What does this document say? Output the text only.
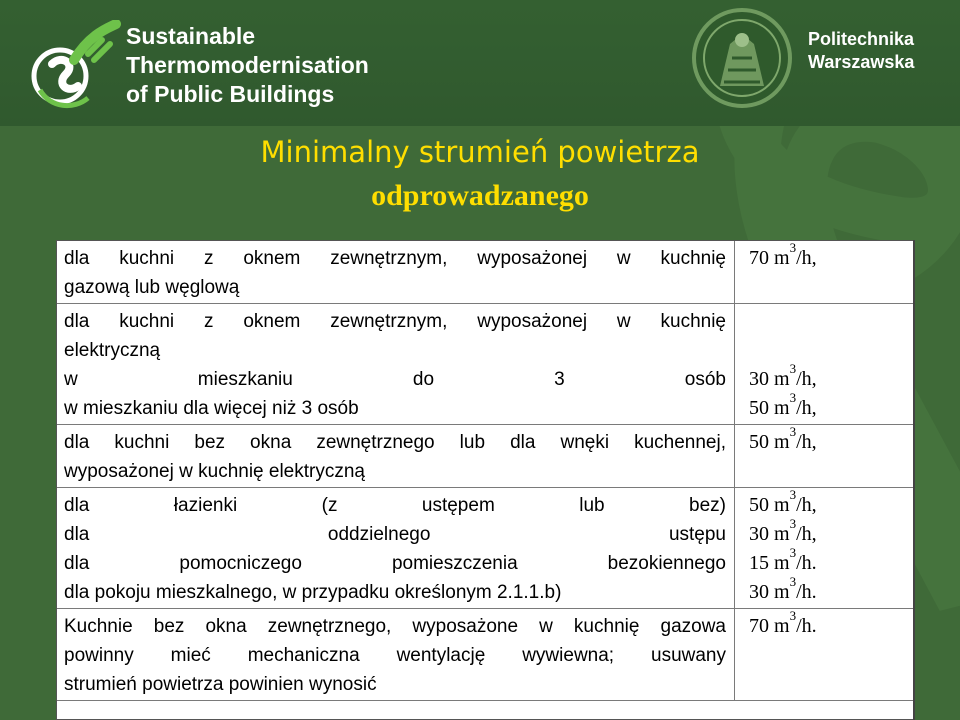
Sustainable
Thermomodernisation
of Public Buildings
Politechnika
Warszawska
Minimalny strumień powietrza
odprowadzanego
dla kuchni z oknem zewnętrznym, wyposażonej w kuchnię
gazową lub węglową
70 $m^3/h$,
dla kuchni z oknem zewnętrznym, wyposażonej w kuchnię
elektryczną
w mieszkaniu do 3 osób
w mieszkaniu dla więcej niż 3 osób
30 $m^3/h$,
50 $m^3/h$,
dla kuchni bez okna zewnętrznego lub dla wnęki kuchennej,
wyposażonej w kuchnię elektryczną
50 $m^3/h$,
dla łazienki (z ustępem lub bez)
dla oddzielnego ustępu
dla pomocniczego pomieszczenia bezokiennego
dla pokoju mieszkalnego, w przypadku określonym 2.1.1.b)
50 $m^3/h$,
30 $m^3/h$,
15 $m^3/h$.
30 $m^3/h$.
Kuchnie bez okna zewnętrznego, wyposażone w kuchnię gazowa
powinny mieć mechaniczna wentylację wywiewna; usuwany
strumień powietrza powinien wynosić
70 $m^3/h$.
